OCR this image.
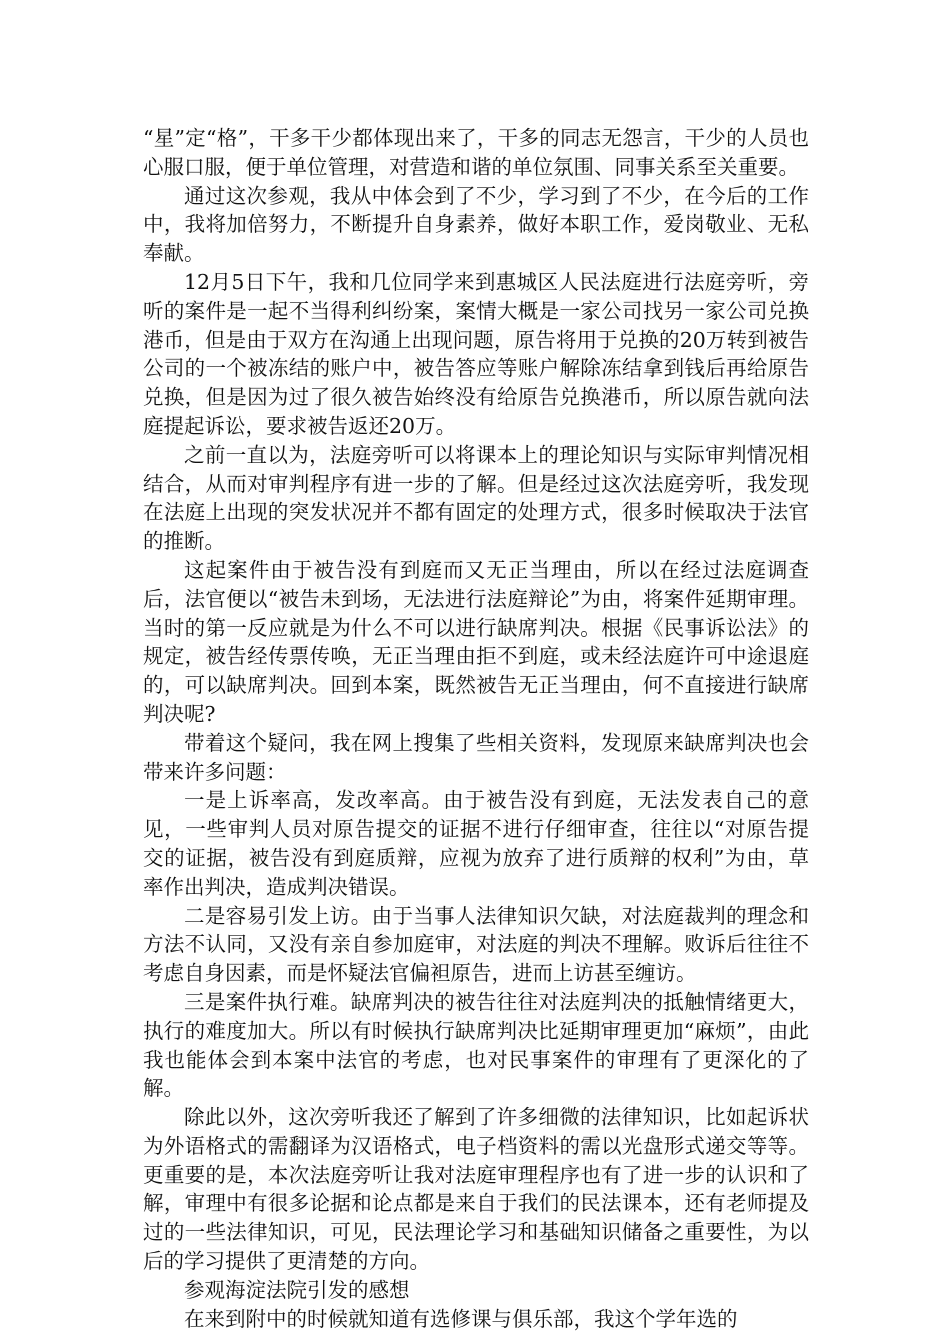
“星”定“格”，干多干少都体现出来了，干多的同志无怨言，干少的人员也心服口服，便于单位管理，对营造和谐的单位氛围、同事关系至关重要。

通过这次参观，我从中体会到了不少，学习到了不少，在今后的工作中，我将加倍努力，不断提升自身素养，做好本职工作，爱岗敬业、无私奉献。

12月5日下午，我和几位同学来到惠城区人民法庭进行法庭旁听，旁听的案件是一起不当得利纠纷案，案情大概是一家公司找另一家公司兑换港币，但是由于双方在沟通上出现问题，原告将用于兑换的20万转到被告公司的一个被冻结的账户中，被告答应等账户解除冻结拿到钱后再给原告兑换，但是因为过了很久被告始终没有给原告兑换港币，所以原告就向法庭提起诉讼，要求被告返还20万。

之前一直以为，法庭旁听可以将课本上的理论知识与实际审判情况相结合，从而对审判程序有进一步的了解。但是经过这次法庭旁听，我发现在法庭上出现的突发状况并不都有固定的处理方式，很多时候取决于法官的推断。

这起案件由于被告没有到庭而又无正当理由，所以在经过法庭调查后，法官便以“被告未到场，无法进行法庭辩论”为由，将案件延期审理。当时的第一反应就是为什么不可以进行缺席判决。根据《民事诉讼法》的规定，被告经传票传唤，无正当理由拒不到庭，或未经法庭许可中途退庭的，可以缺席判决。回到本案，既然被告无正当理由，何不直接进行缺席判决呢?

带着这个疑问，我在网上搜集了些相关资料，发现原来缺席判决也会带来许多问题：

一是上诉率高，发改率高。由于被告没有到庭，无法发表自己的意见，一些审判人员对原告提交的证据不进行仔细审查，往往以“对原告提交的证据，被告没有到庭质辩，应视为放弃了进行质辩的权利”为由，草率作出判决，造成判决错误。

二是容易引发上访。由于当事人法律知识欠缺，对法庭裁判的理念和方法不认同，又没有亲自参加庭审，对法庭的判决不理解。败诉后往往不考虑自身因素，而是怀疑法官偏袒原告，进而上访甚至缠访。

三是案件执行难。缺席判决的被告往往对法庭判决的抵触情绪更大，执行的难度加大。所以有时候执行缺席判决比延期审理更加“麻烦”，由此我也能体会到本案中法官的考虑，也对民事案件的审理有了更深化的了解。

除此以外，这次旁听我还了解到了许多细微的法律知识，比如起诉状为外语格式的需翻译为汉语格式，电子档资料的需以光盘形式递交等等。更重要的是，本次法庭旁听让我对法庭审理程序也有了进一步的认识和了解，审理中有很多论据和论点都是来自于我们的民法课本，还有老师提及过的一些法律知识，可见，民法理论学习和基础知识储备之重要性，为以后的学习提供了更清楚的方向。

参观海淀法院引发的感想

在来到附中的时候就知道有选修课与俱乐部，我这个学年选的
